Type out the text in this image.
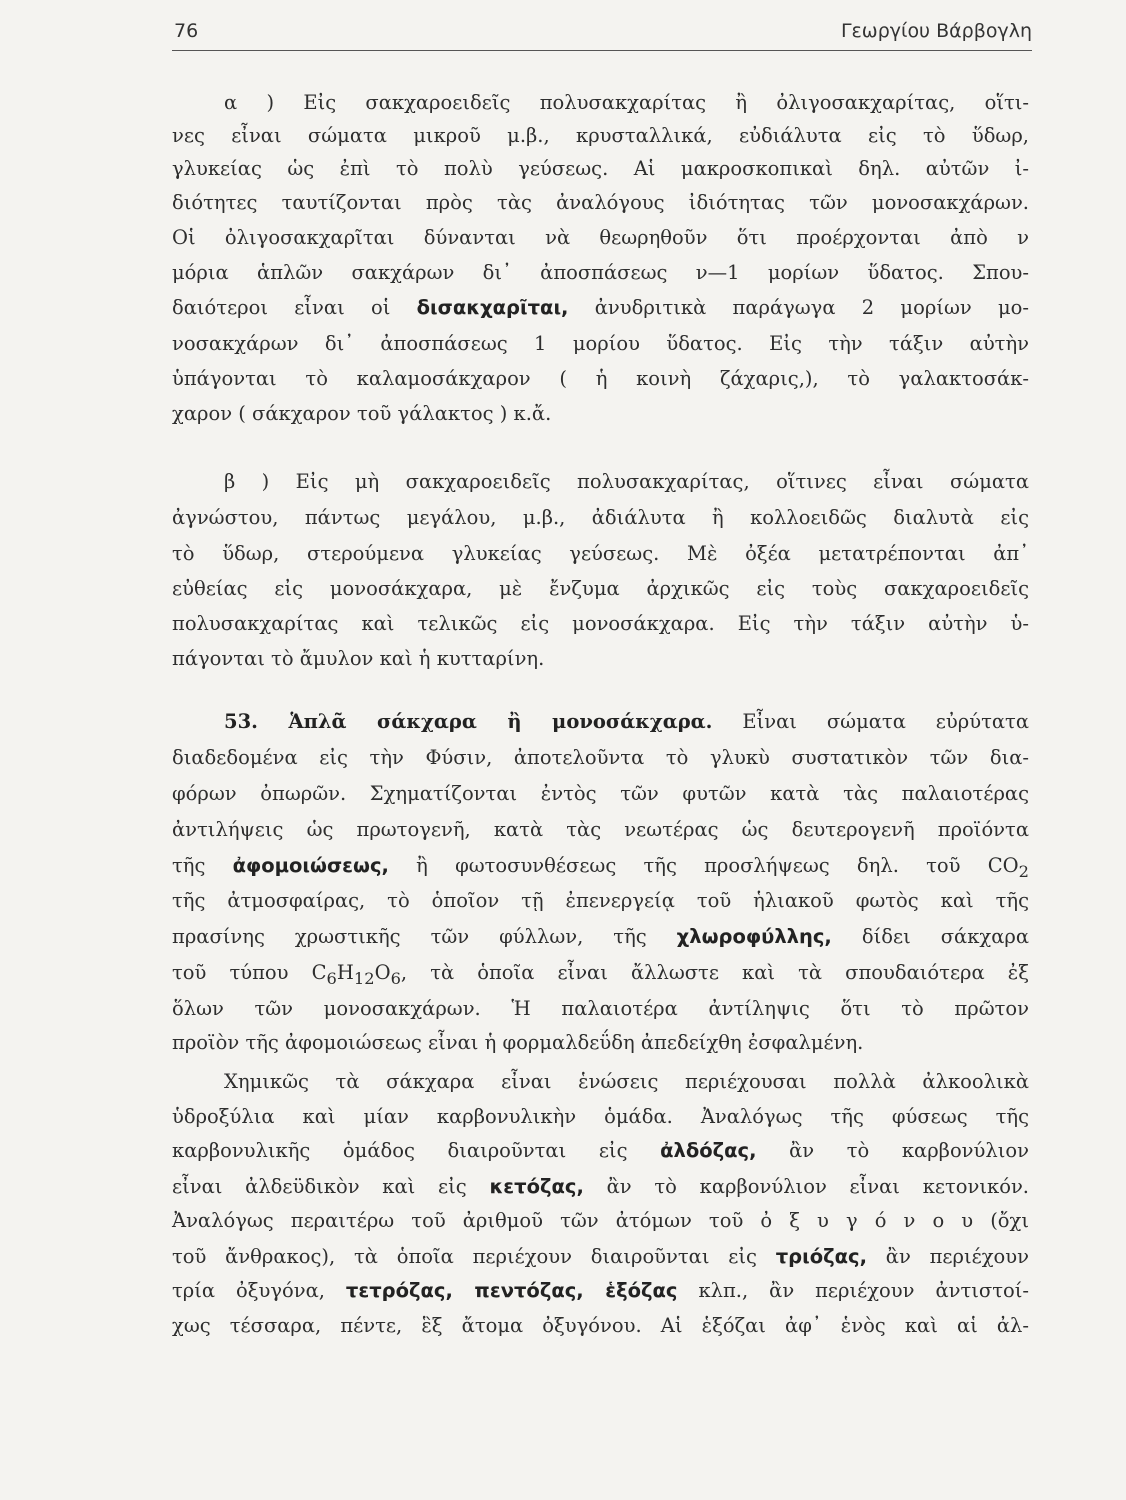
76	Γεωργίου Βάρβογλη
α ) Εἰς σακχαροειδεῖς πολυσακχαρίτας ἢ ὀλιγοσακχαρίτας, οἵτι-
νες εἶναι σώματα μικροῦ μ.β., κρυσταλλικά, εὐδιάλυτα εἰς τὸ ὕδωρ,
γλυκείας ὡς ἐπὶ τὸ πολὺ γεύσεως. Αἱ μακροσκοπικαὶ δηλ. αὐτῶν ἰ-
διότητες ταυτίζονται πρὸς τὰς ἀναλόγους ἰδιότητας τῶν μονοσακχάρων.
Οἱ ὀλιγοσακχαρῖται δύνανται νὰ θεωρηθοῦν ὅτι προέρχονται ἀπὸ ν
μόρια ἁπλῶν σακχάρων δι᾽ ἀποσπάσεως ν—1 μορίων ὕδατος. Σπου-
δαιότεροι εἶναι οἱ δισακχαρῖται, ἀνυδριτικὰ παράγωγα 2 μορίων μο-
νοσακχάρων δι᾽ ἀποσπάσεως 1 μορίου ὕδατος. Εἰς τὴν τάξιν αὐτὴν
ὑπάγονται τὸ καλαμοσάκχαρον ( ἡ κοινὴ ζάχαρις,), τὸ γαλακτοσάκ-
χαρον ( σάκχαρον τοῦ γάλακτος ) κ.ἄ.
β ) Εἰς μὴ σακχαροειδεῖς πολυσακχαρίτας, οἵτινες εἶναι σώματα
ἀγνώστου, πάντως μεγάλου, μ.β., ἀδιάλυτα ἢ κολλοειδῶς διαλυτὰ εἰς
τὸ ὕδωρ, στερούμενα γλυκείας γεύσεως. Μὲ ὀξέα μετατρέπονται ἀπ᾽
εὐθείας εἰς μονοσάκχαρα, μὲ ἔνζυμα ἀρχικῶς εἰς τοὺς σακχαροειδεῖς
πολυσακχαρίτας καὶ τελικῶς εἰς μονοσάκχαρα. Εἰς τὴν τάξιν αὐτὴν ὑ-
πάγονται τὸ ἄμυλον καὶ ἡ κυτταρίνη.
53. Ἁπλᾶ σάκχαρα ἢ μονοσάκχαρα. Εἶναι σώματα εὐρύτατα
διαδεδομένα εἰς τὴν Φύσιν, ἀποτελοῦντα τὸ γλυκὺ συστατικὸν τῶν δια-
φόρων ὀπωρῶν. Σχηματίζονται ἐντὸς τῶν φυτῶν κατὰ τὰς παλαιοτέρας
ἀντιλήψεις ὡς πρωτογενῆ, κατὰ τὰς νεωτέρας ὡς δευτερογενῆ προϊόντα
τῆς ἀφομοιώσεως, ἢ φωτοσυνθέσεως τῆς προσλήψεως δηλ. τοῦ $CO_2$
τῆς ἀτμοσφαίρας, τὸ ὁποῖον τῇ ἐπενεργείᾳ τοῦ ἡλιακοῦ φωτὸς καὶ τῆς
πρασίνης χρωστικῆς τῶν φύλλων, τῆς χλωροφύλλης, δίδει σάκχαρα
τοῦ τύπου $C_6H_{12}O_6$, τὰ ὁποῖα εἶναι ἄλλωστε καὶ τὰ σπουδαιότερα ἐξ
ὅλων τῶν μονοσακχάρων. Ἡ παλαιοτέρα ἀντίληψις ὅτι τὸ πρῶτον
προϊὸν τῆς ἀφομοιώσεως εἶναι ἡ φορμαλδεΰδη ἀπεδείχθη ἐσφαλμένη.
Χημικῶς τὰ σάκχαρα εἶναι ἑνώσεις περιέχουσαι πολλὰ ἀλκοολικὰ
ὑδροξύλια καὶ μίαν καρβονυλικὴν ὁμάδα. Ἀναλόγως τῆς φύσεως τῆς
καρβονυλικῆς ὁμάδος διαιροῦνται εἰς ἀλδόζας, ἂν τὸ καρβονύλιον
εἶναι ἀλδεϋδικὸν καὶ εἰς κετόζας, ἂν τὸ καρβονύλιον εἶναι κετονικόν.
Ἀναλόγως περαιτέρω τοῦ ἀριθμοῦ τῶν ἀτόμων τοῦ ὀ ξ υ γ ό ν ο υ (ὄχι
τοῦ ἄνθρακος), τὰ ὁποῖα περιέχουν διαιροῦνται εἰς τριόζας, ἂν περιέχουν
τρία ὀξυγόνα, τετρόζας, πεντόζας, ἑξόζας κλπ., ἂν περιέχουν ἀντιστοί-
χως τέσσαρα, πέντε, ἓξ ἄτομα ὀξυγόνου. Αἱ ἑξόζαι ἀφ᾽ ἑνὸς καὶ αἱ ἀλ-
